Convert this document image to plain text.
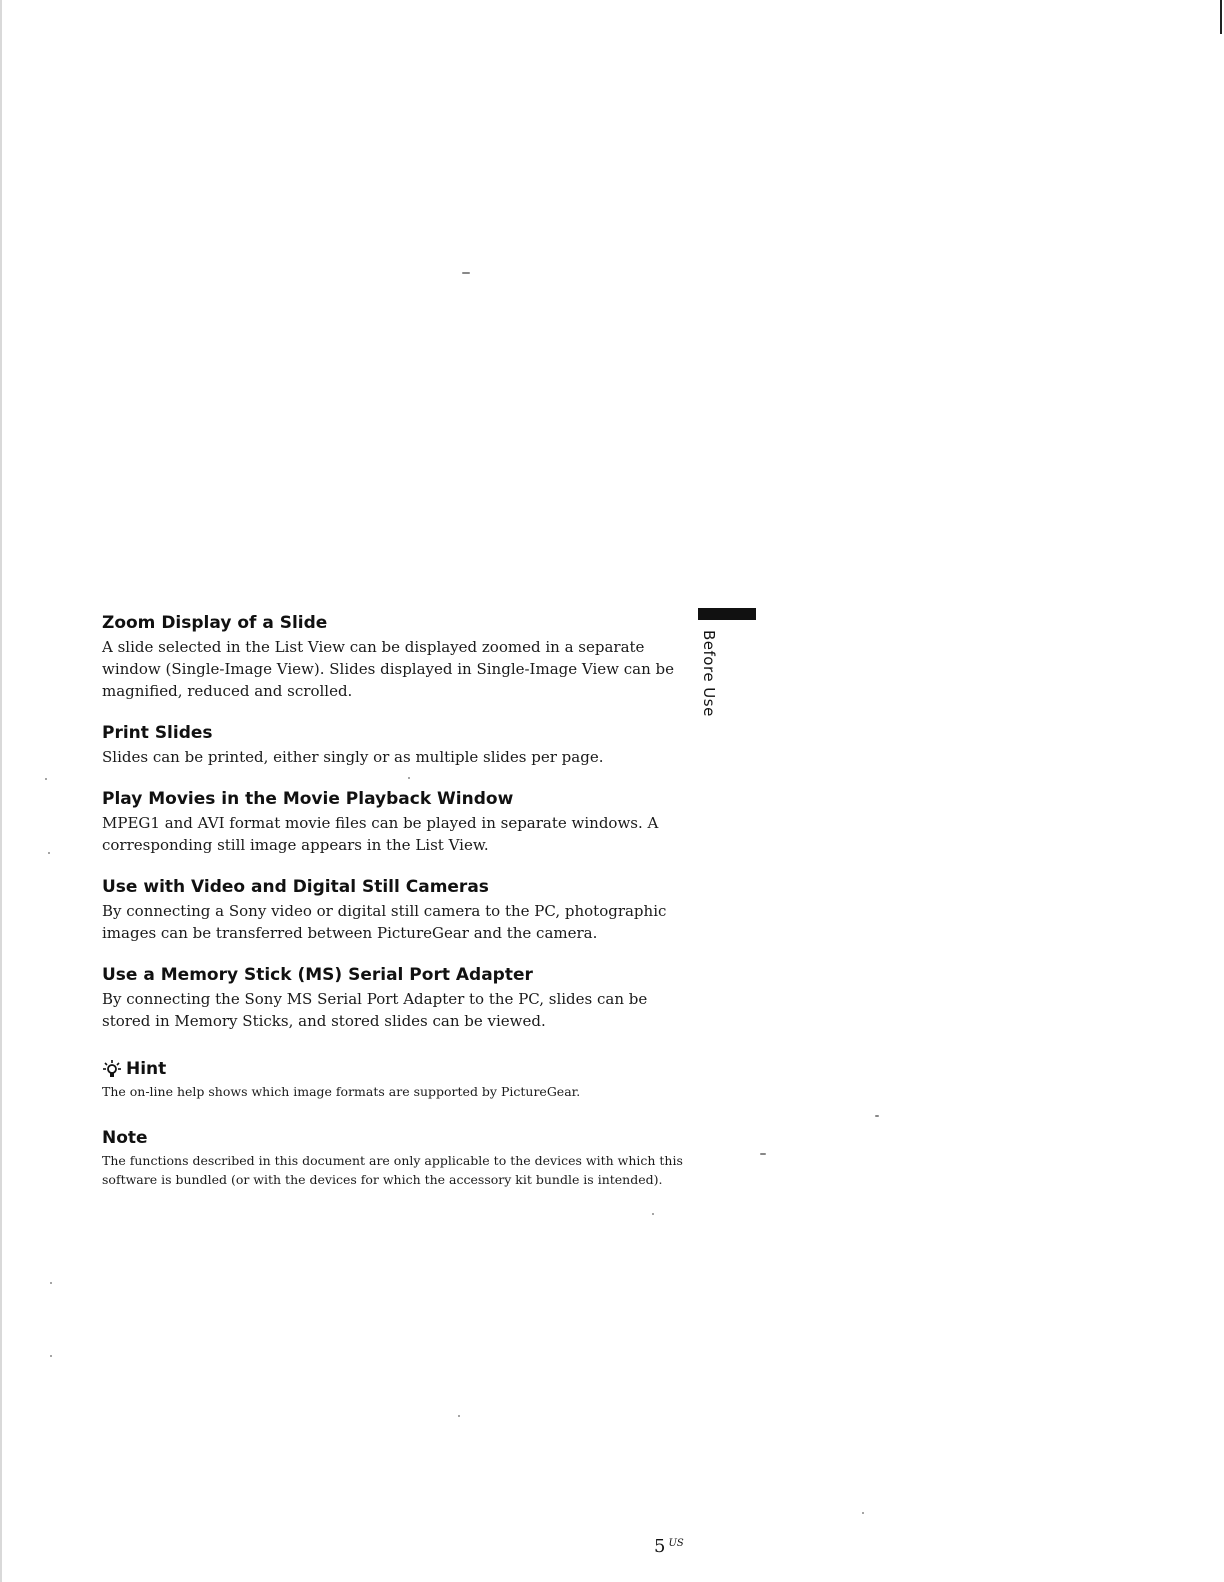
Zoom Display of a Slide

A slide selected in the List View can be displayed zoomed in a separate window (Single-Image View). Slides displayed in Single-Image View can be magnified, reduced and scrolled.

Print Slides

Slides can be printed, either singly or as multiple slides per page.

Play Movies in the Movie Playback Window

MPEG1 and AVI format movie files can be played in separate windows. A corresponding still image appears in the List View.

Use with Video and Digital Still Cameras

By connecting a Sony video or digital still camera to the PC, photographic images can be transferred between PictureGear and the camera.

Use a Memory Stick (MS) Serial Port Adapter

By connecting the Sony MS Serial Port Adapter to the PC, slides can be stored in Memory Sticks, and stored slides can be viewed.

Hint

The on-line help shows which image formats are supported by PictureGear.

Note

The functions described in this document are only applicable to the devices with which this software is bundled (or with the devices for which the accessory kit bundle is intended).

Before Use
5 $^{US}$
